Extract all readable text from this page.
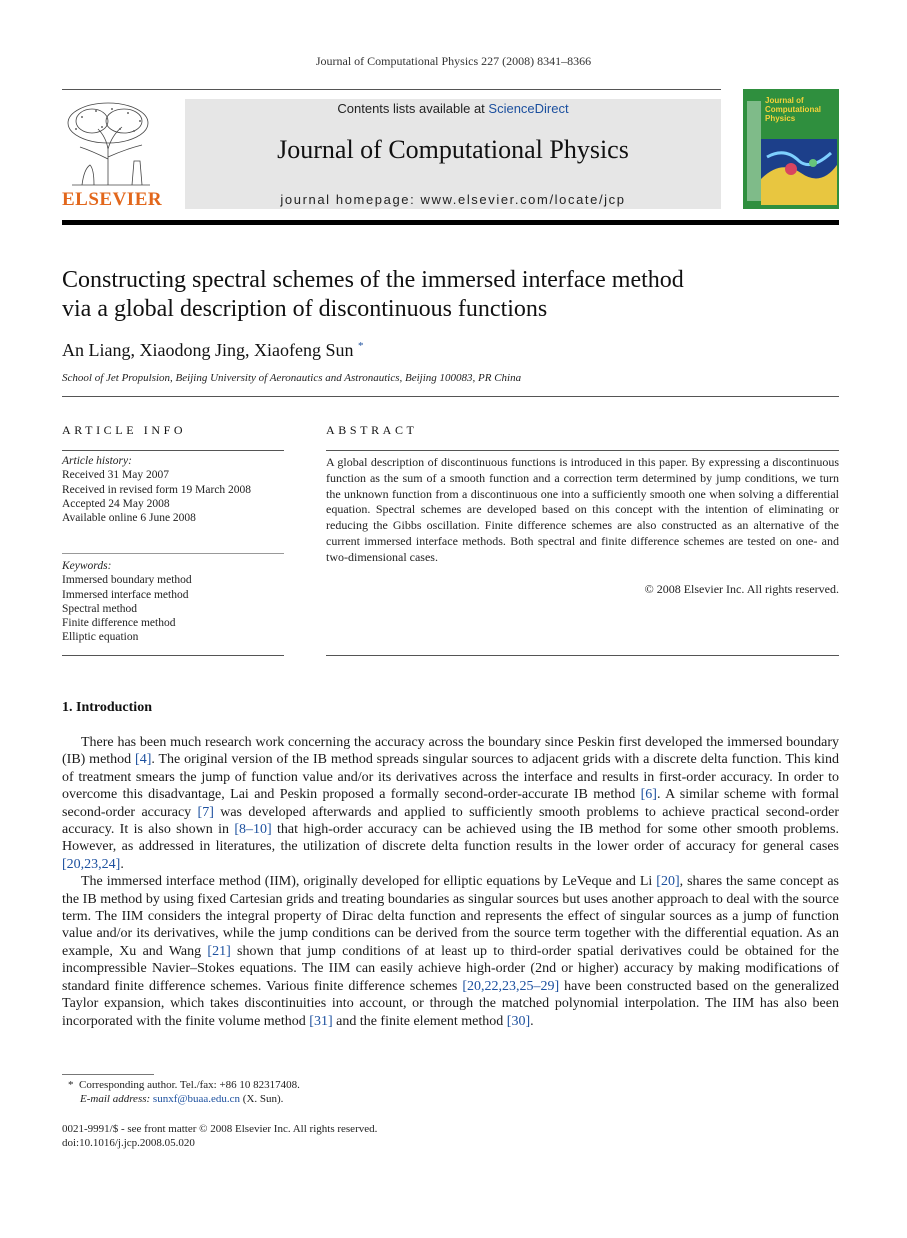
Journal of Computational Physics 227 (2008) 8341–8366
ELSEVIER
Contents lists available at ScienceDirect
Journal of Computational Physics
journal homepage: www.elsevier.com/locate/jcp
Journal of Computational Physics
Constructing spectral schemes of the immersed interface method
via a global description of discontinuous functions
An Liang, Xiaodong Jing, Xiaofeng Sun *
School of Jet Propulsion, Beijing University of Aeronautics and Astronautics, Beijing 100083, PR China
ARTICLE INFO
Article history:
Received 31 May 2007
Received in revised form 19 March 2008
Accepted 24 May 2008
Available online 6 June 2008
Keywords:
Immersed boundary method
Immersed interface method
Spectral method
Finite difference method
Elliptic equation
ABSTRACT
A global description of discontinuous functions is introduced in this paper. By expressing a discontinuous function as the sum of a smooth function and a correction term determined by jump conditions, we turn the unknown function from a discontinuous one into a sufficiently smooth one when solving a differential equation. Spectral schemes are developed based on this concept with the intention of eliminating or reducing the Gibbs oscillation. Finite difference schemes are also constructed as an alternative of the current immersed interface methods. Both spectral and finite difference schemes are tested on one- and two-dimensional cases.
© 2008 Elsevier Inc. All rights reserved.
1. Introduction

There has been much research work concerning the accuracy across the boundary since Peskin first developed the immersed boundary (IB) method [4]. The original version of the IB method spreads singular sources to adjacent grids with a discrete delta function. This kind of treatment smears the jump of function value and/or its derivatives across the interface and results in first-order accuracy. In order to overcome this disadvantage, Lai and Peskin proposed a formally second-order-accurate IB method [6]. A similar scheme with formal second-order accuracy [7] was developed afterwards and applied to sufficiently smooth problems to achieve practical second-order accuracy. It is also shown in [8–10] that high-order accuracy can be achieved using the IB method for some other smooth problems. However, as addressed in literatures, the utilization of discrete delta function results in the lower order of accuracy for general cases [20,23,24].

The immersed interface method (IIM), originally developed for elliptic equations by LeVeque and Li [20], shares the same concept as the IB method by using fixed Cartesian grids and treating boundaries as singular sources but uses another approach to deal with the source term. The IIM considers the integral property of Dirac delta function and represents the effect of singular sources as a jump of function value and/or its derivatives, while the jump conditions can be derived from the source term together with the differential equation. As an example, Xu and Wang [21] shown that jump conditions of at least up to third-order spatial derivatives could be obtained for the incompressible Navier–Stokes equations. The IIM can easily achieve high-order (2nd or higher) accuracy by making modifications of standard finite difference schemes. Various finite difference schemes [20,22,23,25–29] have been constructed based on the generalized Taylor expansion, which takes discontinuities into account, or through the matched polynomial interpolation. The IIM has also been incorporated with the finite volume method [31] and the finite element method [30].

* Corresponding author. Tel./fax: +86 10 82317408.
E-mail address: sunxf@buaa.edu.cn (X. Sun).
0021-9991/$ - see front matter © 2008 Elsevier Inc. All rights reserved.
doi:10.1016/j.jcp.2008.05.020
